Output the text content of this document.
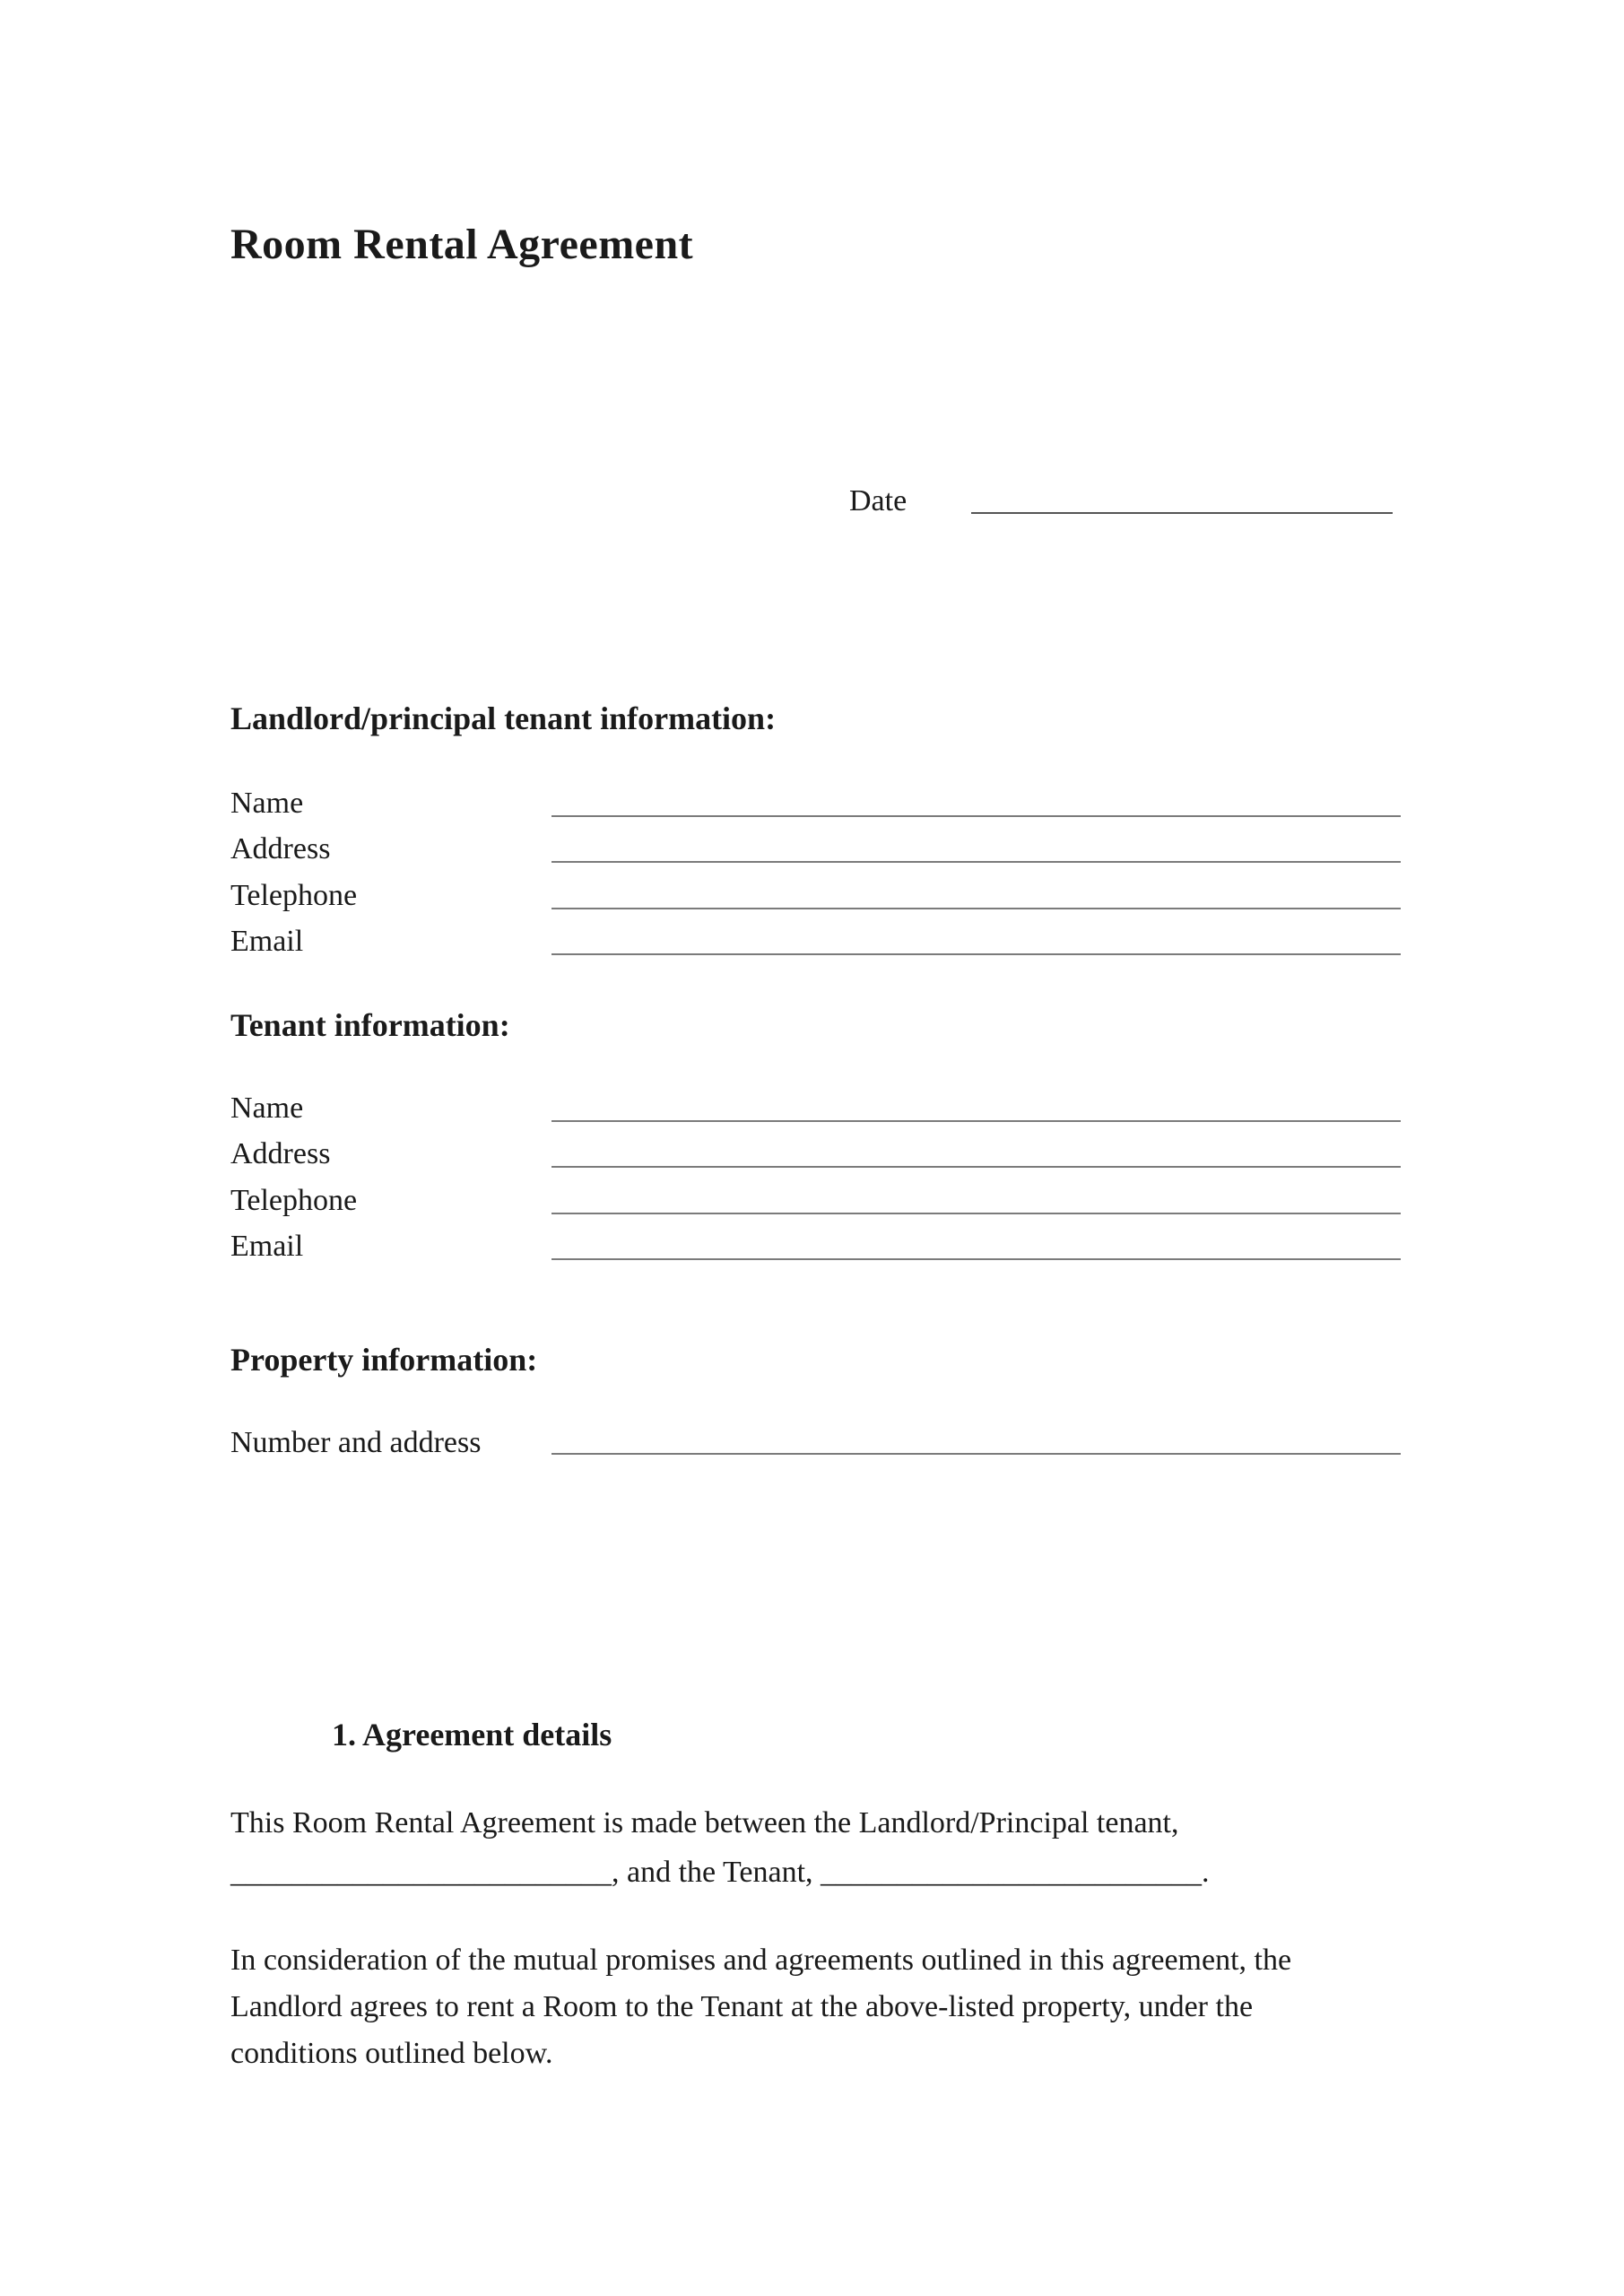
Room Rental Agreement
Date
Landlord/principal tenant information:
Name
Address
Telephone
Email
Tenant information:
Name
Address
Telephone
Email
Property information:
Number and address
1. Agreement details
This Room Rental Agreement is made between the Landlord/Principal tenant,
_________________________, and the Tenant, _________________________.
In consideration of the mutual promises and agreements outlined in this agreement, the
Landlord agrees to rent a Room to the Tenant at the above-listed property, under the
conditions outlined below.
